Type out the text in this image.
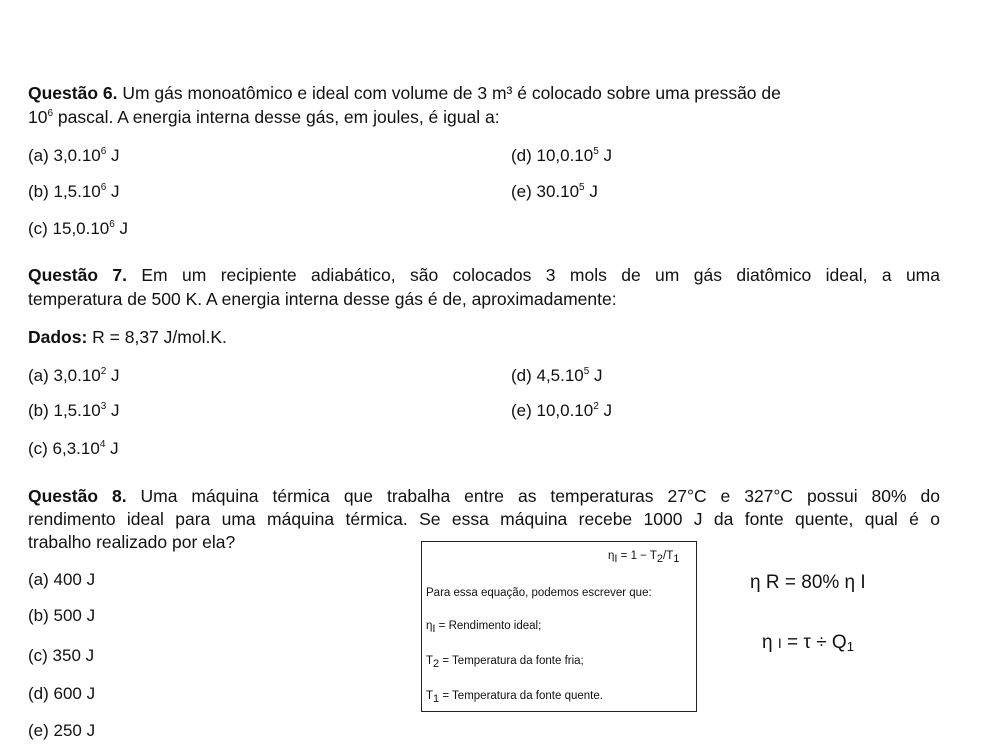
Questão 6. Um gás monoatômico e ideal com volume de 3 m³ é colocado sobre uma pressão de
$10^6$ pascal. A energia interna desse gás, em joules, é igual a:
(a) 3,0.10$^6$ J
(b) 1,5.10$^6$ J
(c) 15,0.10$^6$ J
(d) 10,0.10$^5$ J
(e) 30.10$^5$ J
Questão 7. Em um recipiente adiabático, são colocados 3 mols de um gás diatômico ideal, a uma
temperatura de 500 K. A energia interna desse gás é de, aproximadamente:
Dados: R = 8,37 J/mol.K.
(a) 3,0.10$^2$ J
(b) 1,5.10$^3$ J
(c) 6,3.10$^4$ J
(d) 4,5.10$^5$ J
(e) 10,0.10$^2$ J
Questão 8. Uma máquina térmica que trabalha entre as temperaturas 27°C e 327°C possui 80% do
rendimento ideal para uma máquina térmica. Se essa máquina recebe 1000 J da fonte quente, qual é o
trabalho realizado por ela?
(a) 400 J
(b) 500 J
(c) 350 J
(d) 600 J
(e) 250 J
$\eta_I = 1 - T_2/T_1$
Para essa equação, podemos escrever que:
$\eta_I$ = Rendimento ideal;
$T_2$ = Temperatura da fonte fria;
$T_1$ = Temperatura da fonte quente.
η R = 80% η I
η $I = \tau \div Q_1$
